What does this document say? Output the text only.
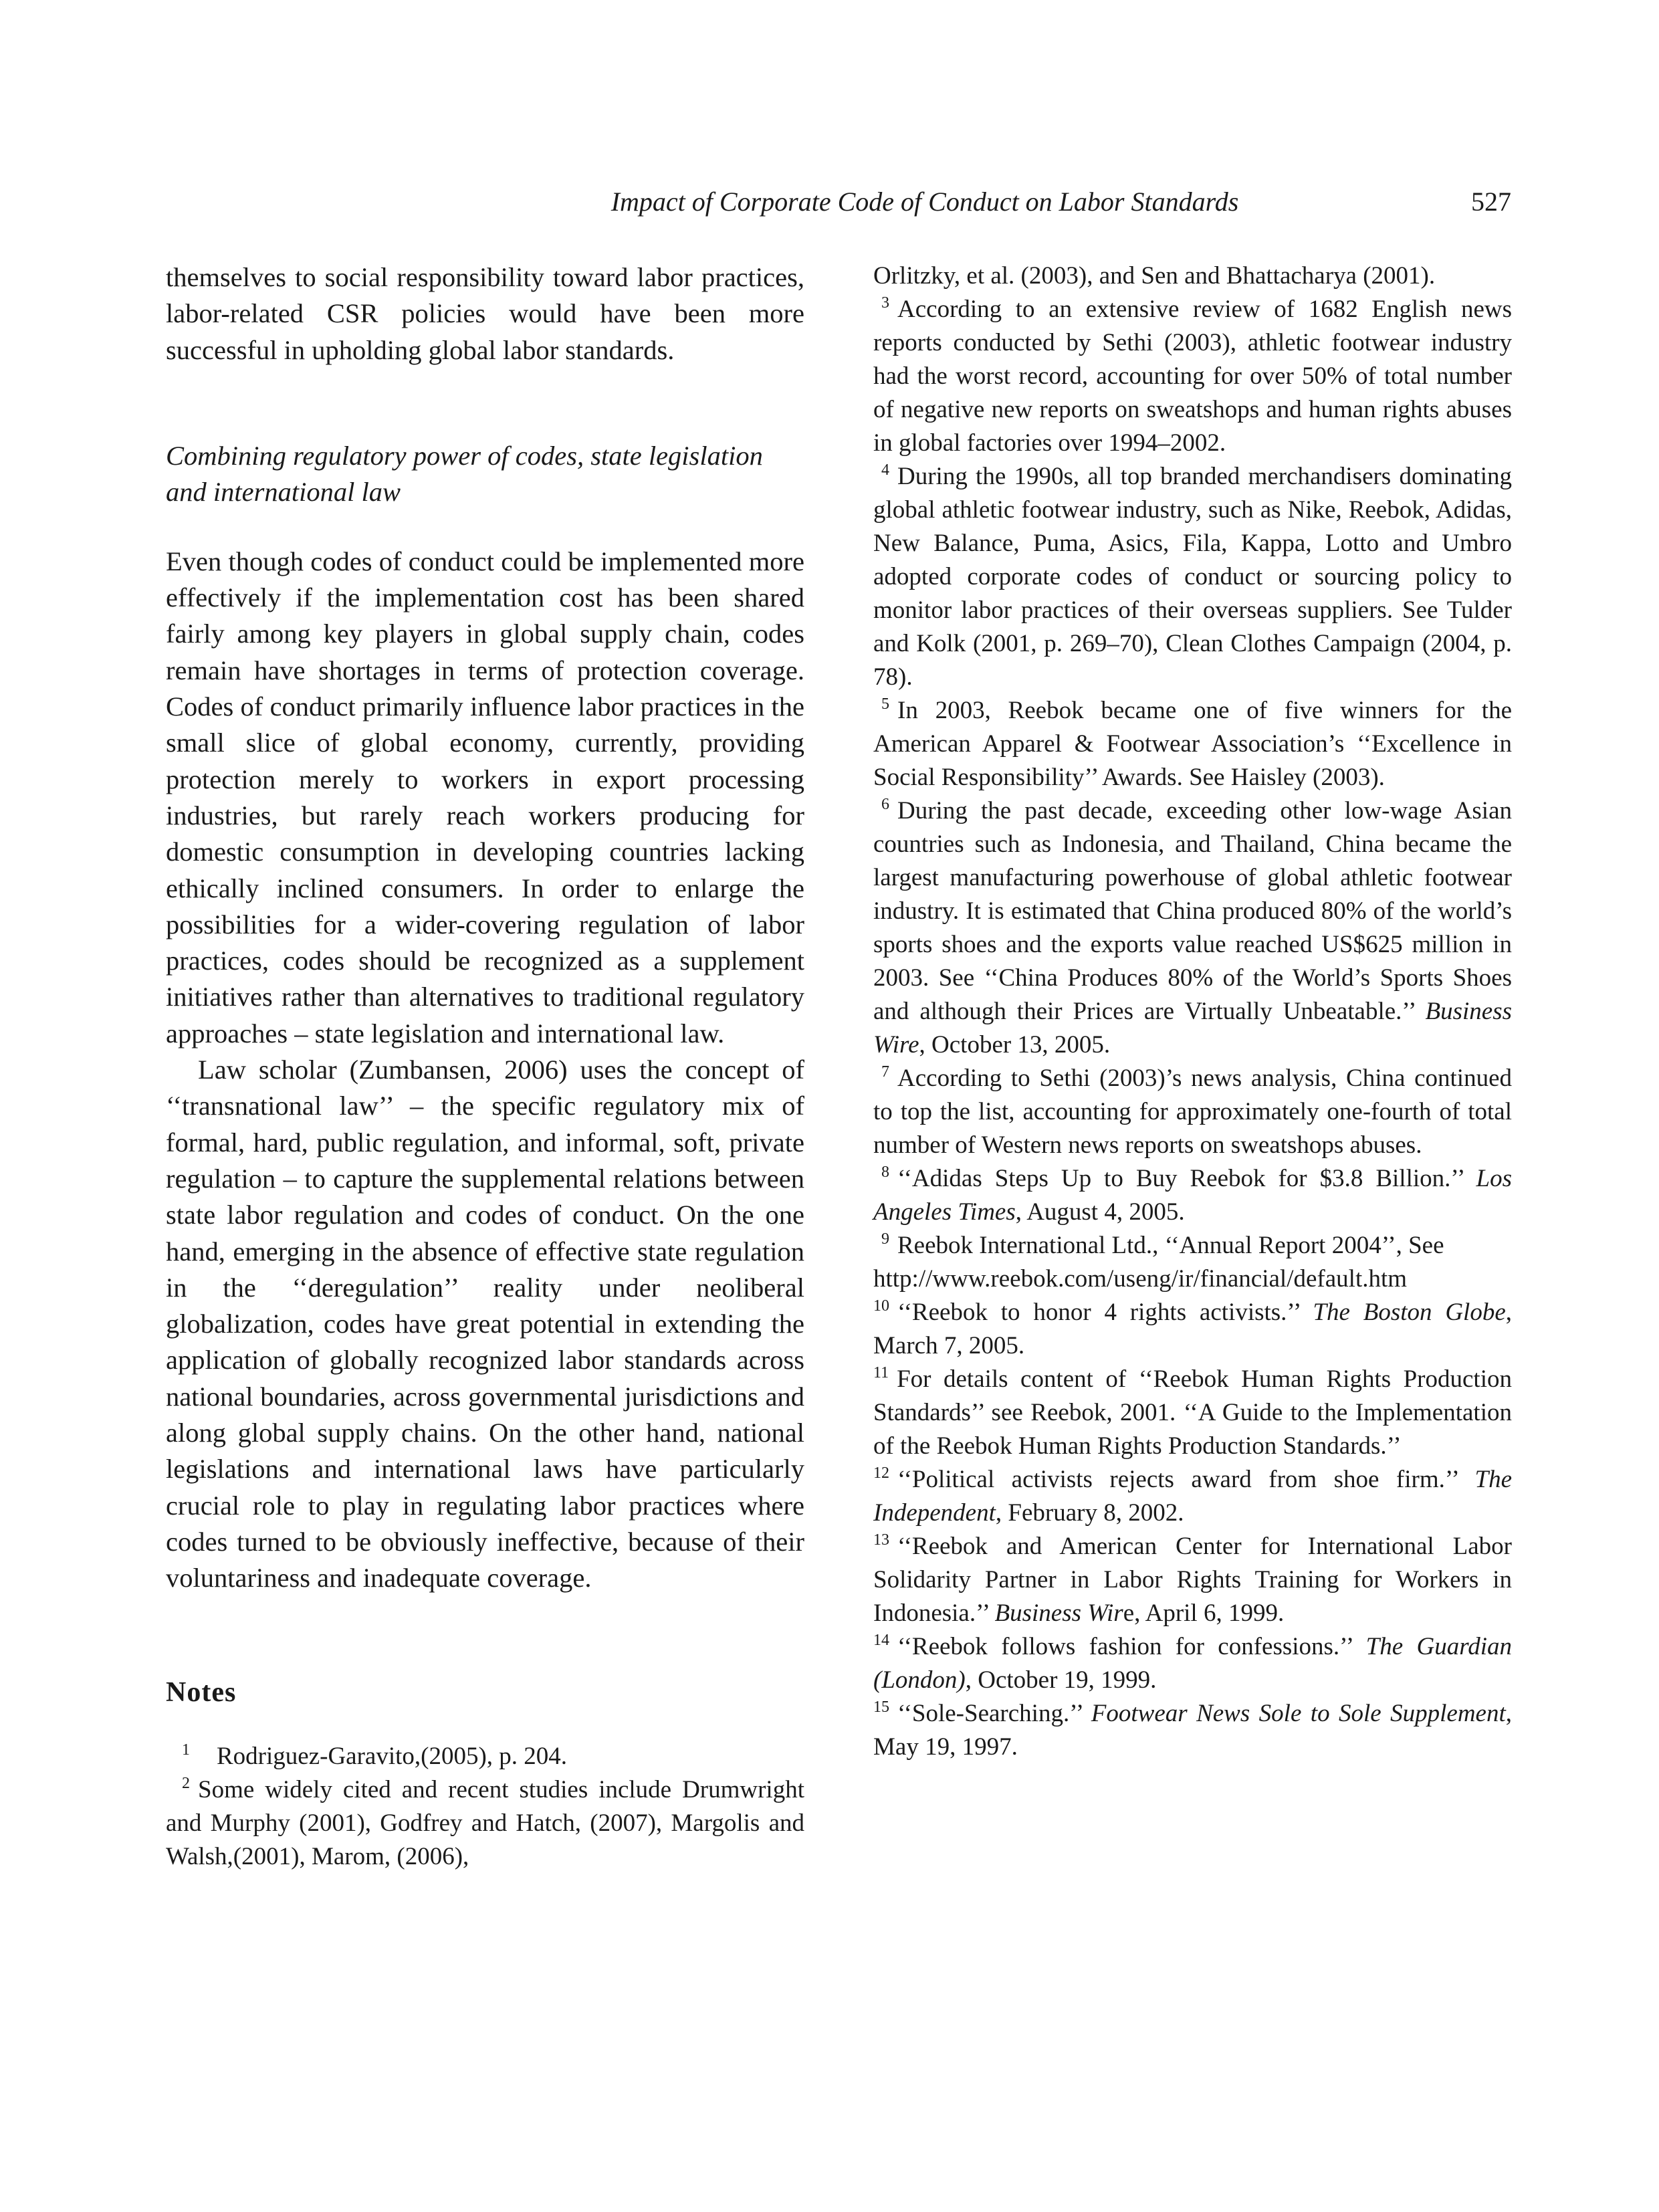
Impact of Corporate Code of Conduct on Labor Standards	527

themselves to social responsibility toward labor practices, labor-related CSR policies would have been more successful in upholding global labor standards.

Combining regulatory power of codes, state legislation
and international law

Even though codes of conduct could be implemented more effectively if the implementation cost has been shared fairly among key players in global supply chain, codes remain have shortages in terms of protection coverage. Codes of conduct primarily influence labor practices in the small slice of global economy, currently, providing protection merely to workers in export processing industries, but rarely reach workers producing for domestic consumption in developing countries lacking ethically inclined consumers. In order to enlarge the possibilities for a wider-covering regulation of labor practices, codes should be recognized as a supplement initiatives rather than alternatives to traditional regulatory approaches – state legislation and international law.

Law scholar (Zumbansen, 2006) uses the concept of ‘‘transnational law’’ – the specific regulatory mix of formal, hard, public regulation, and informal, soft, private regulation – to capture the supplemental relations between state labor regulation and codes of conduct. On the one hand, emerging in the absence of effective state regulation in the ‘‘deregulation’’ reality under neoliberal globalization, codes have great potential in extending the application of globally recognized labor standards across national boundaries, across governmental jurisdictions and along global supply chains. On the other hand, national legislations and international laws have particularly crucial role to play in regulating labor practices where codes turned to be obviously ineffective, because of their voluntariness and inadequate coverage.

Notes

$^1$ Rodriguez-Garavito,(2005), p. 204.

$^2$ Some widely cited and recent studies include Drumwright and Murphy (2001), Godfrey and Hatch, (2007), Margolis and Walsh,(2001), Marom, (2006),

Orlitzky, et al. (2003), and Sen and Bhattacharya (2001).

$^3$ According to an extensive review of 1682 English news reports conducted by Sethi (2003), athletic footwear industry had the worst record, accounting for over 50% of total number of negative new reports on sweatshops and human rights abuses in global factories over 1994–2002.

$^4$ During the 1990s, all top branded merchandisers dominating global athletic footwear industry, such as Nike, Reebok, Adidas, New Balance, Puma, Asics, Fila, Kappa, Lotto and Umbro adopted corporate codes of conduct or sourcing policy to monitor labor practices of their overseas suppliers. See Tulder and Kolk (2001, p. 269–70), Clean Clothes Campaign (2004, p. 78).

$^5$ In 2003, Reebok became one of five winners for the American Apparel & Footwear Association’s ‘‘Excellence in Social Responsibility’’ Awards. See Haisley (2003).

$^6$ During the past decade, exceeding other low-wage Asian countries such as Indonesia, and Thailand, China became the largest manufacturing powerhouse of global athletic footwear industry. It is estimated that China produced 80% of the world’s sports shoes and the exports value reached US$625 million in 2003. See ‘‘China Produces 80% of the World’s Sports Shoes and although their Prices are Virtually Unbeatable.’’ Business Wire, October 13, 2005.

$^7$ According to Sethi (2003)’s news analysis, China continued to top the list, accounting for approximately one-fourth of total number of Western news reports on sweatshops abuses.

$^8$ ‘‘Adidas Steps Up to Buy Reebok for $3.8 Billion.’’ Los Angeles Times, August 4, 2005.

$^9$ Reebok International Ltd., ‘‘Annual Report 2004’’, See http://www.reebok.com/useng/ir/financial/default.htm

$^{10}$ ‘‘Reebok to honor 4 rights activists.’’ The Boston Globe, March 7, 2005.

$^{11}$ For details content of ‘‘Reebok Human Rights Production Standards’’ see Reebok, 2001. ‘‘A Guide to the Implementation of the Reebok Human Rights Production Standards.’’

$^{12}$ ‘‘Political activists rejects award from shoe firm.’’ The Independent, February 8, 2002.

$^{13}$ ‘‘Reebok and American Center for International Labor Solidarity Partner in Labor Rights Training for Workers in Indonesia.’’ Business Wire, April 6, 1999.

$^{14}$ ‘‘Reebok follows fashion for confessions.’’ The Guardian (London), October 19, 1999.

$^{15}$ ‘‘Sole-Searching.’’ Footwear News Sole to Sole Supplement, May 19, 1997.
